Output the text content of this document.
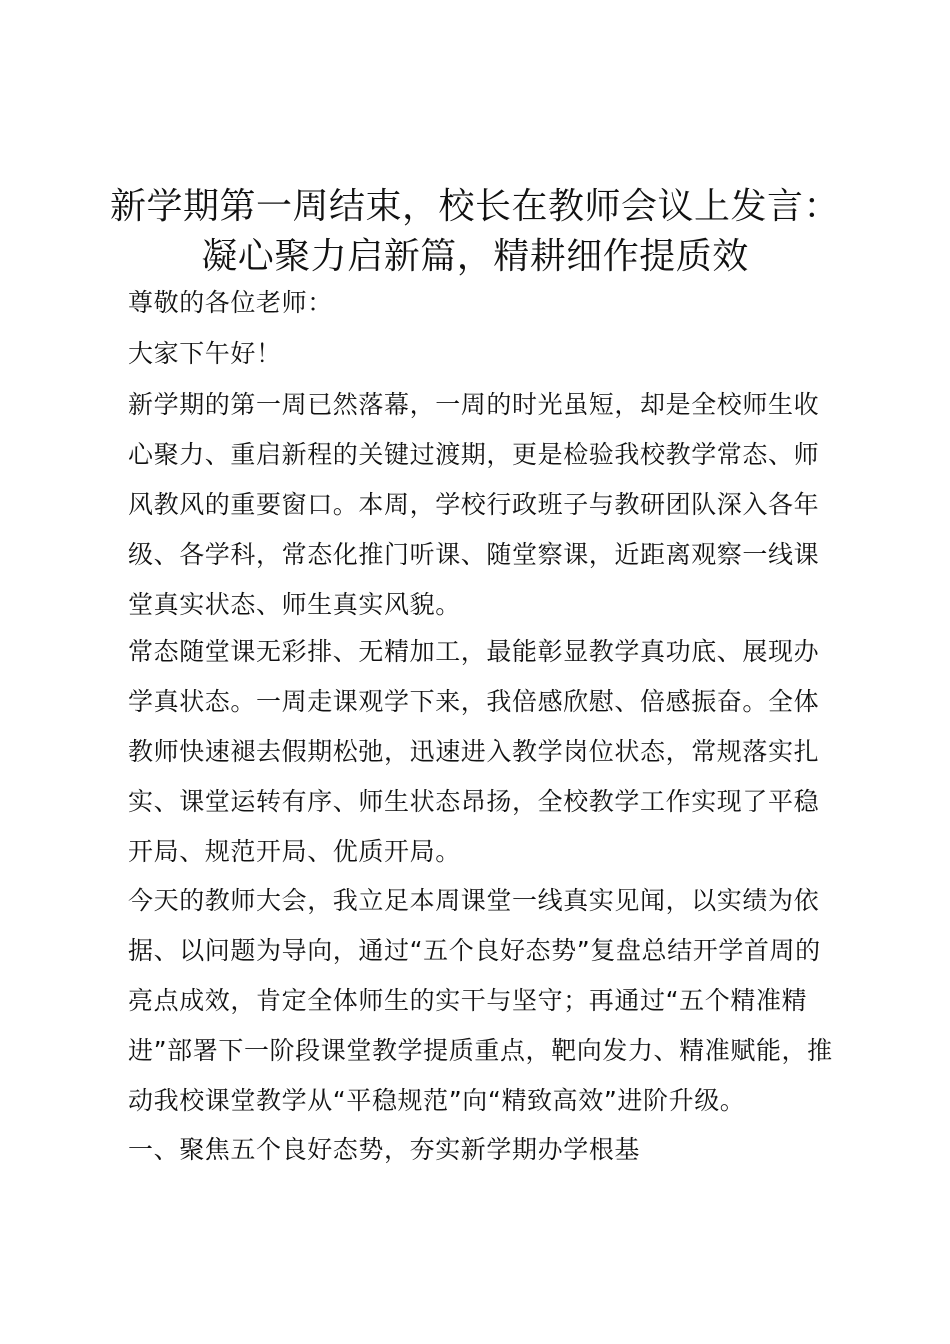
新学期第一周结束，校长在教师会议上发言：
凝心聚力启新篇，精耕细作提质效

尊敬的各位老师：

大家下午好！

新学期的第一周已然落幕，一周的时光虽短，却是全校师生收心聚力、重启新程的关键过渡期，更是检验我校教学常态、师风教风的重要窗口。本周，学校行政班子与教研团队深入各年级、各学科，常态化推门听课、随堂察课，近距离观察一线课堂真实状态、师生真实风貌。

常态随堂课无彩排、无精加工，最能彰显教学真功底、展现办学真状态。一周走课观学下来，我倍感欣慰、倍感振奋。全体教师快速褪去假期松弛，迅速进入教学岗位状态，常规落实扎实、课堂运转有序、师生状态昂扬，全校教学工作实现了平稳开局、规范开局、优质开局。

今天的教师大会，我立足本周课堂一线真实见闻，以实绩为依据、以问题为导向，通过“五个良好态势”复盘总结开学首周的亮点成效，肯定全体师生的实干与坚守；再通过“五个精准精进”部署下一阶段课堂教学提质重点，靶向发力、精准赋能，推动我校课堂教学从“平稳规范”向“精致高效”进阶升级。

一、聚焦五个良好态势，夯实新学期办学根基
